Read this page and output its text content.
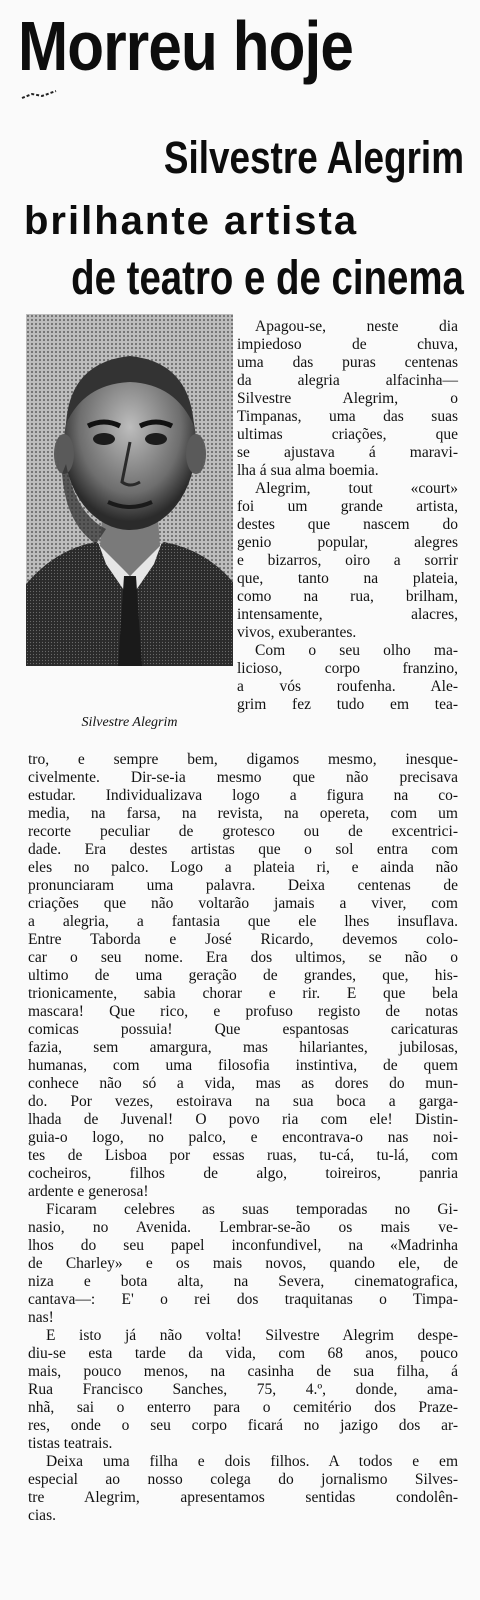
Morreu hoje
Silvestre Alegrim
brilhante artista
de teatro e de cinema
Silvestre Alegrim
Apagou-se, neste dia
impiedoso de chuva,
uma das puras centenas
da alegria alfacinha—
Silvestre Alegrim, o
Timpanas, uma das suas
ultimas criações, que
se ajustava á maravi-
lha á sua alma boemia.
Alegrim, tout «court»
foi um grande artista,
destes que nascem do
genio popular, alegres
e bizarros, oiro a sorrir
que, tanto na plateia,
como na rua, brilham,
intensamente, alacres,
vivos, exuberantes.
Com o seu olho ma-
licioso, corpo franzino,
a vós roufenha. Ale-
grim fez tudo em tea-
tro, e sempre bem, digamos mesmo, inesque-
civelmente. Dir-se-ia mesmo que não precisava
estudar. Individualizava logo a figura na co-
media, na farsa, na revista, na opereta, com um
recorte peculiar de grotesco ou de excentrici-
dade. Era destes artistas que o sol entra com
eles no palco. Logo a plateia ri, e ainda não
pronunciaram uma palavra. Deixa centenas de
criações que não voltarão jamais a viver, com
a alegria, a fantasia que ele lhes insuflava.
Entre Taborda e José Ricardo, devemos colo-
car o seu nome. Era dos ultimos, se não o
ultimo de uma geração de grandes, que, his-
trionicamente, sabia chorar e rir. E que bela
mascara! Que rico, e profuso registo de notas
comicas possuia! Que espantosas caricaturas
fazia, sem amargura, mas hilariantes, jubilosas,
humanas, com uma filosofia instintiva, de quem
conhece não só a vida, mas as dores do mun-
do. Por vezes, estoirava na sua boca a garga-
lhada de Juvenal! O povo ria com ele! Distin-
guia-o logo, no palco, e encontrava-o nas noi-
tes de Lisboa por essas ruas, tu-cá, tu-lá, com
cocheiros, filhos de algo, toireiros, panria
ardente e generosa!
Ficaram celebres as suas temporadas no Gi-
nasio, no Avenida. Lembrar-se-ão os mais ve-
lhos do seu papel inconfundivel, na «Madrinha
de Charley» e os mais novos, quando ele, de
niza e bota alta, na Severa, cinematografica,
cantava—: E' o rei dos traquitanas o Timpa-
nas!
E isto já não volta! Silvestre Alegrim despe-
diu-se esta tarde da vida, com 68 anos, pouco
mais, pouco menos, na casinha de sua filha, á
Rua Francisco Sanches, 75, 4.º, donde, ama-
nhã, sai o enterro para o cemitério dos Praze-
res, onde o seu corpo ficará no jazigo dos ar-
tistas teatrais.
Deixa uma filha e dois filhos. A todos e em
especial ao nosso colega do jornalismo Silves-
tre Alegrim, apresentamos sentidas condolên-
cias.
